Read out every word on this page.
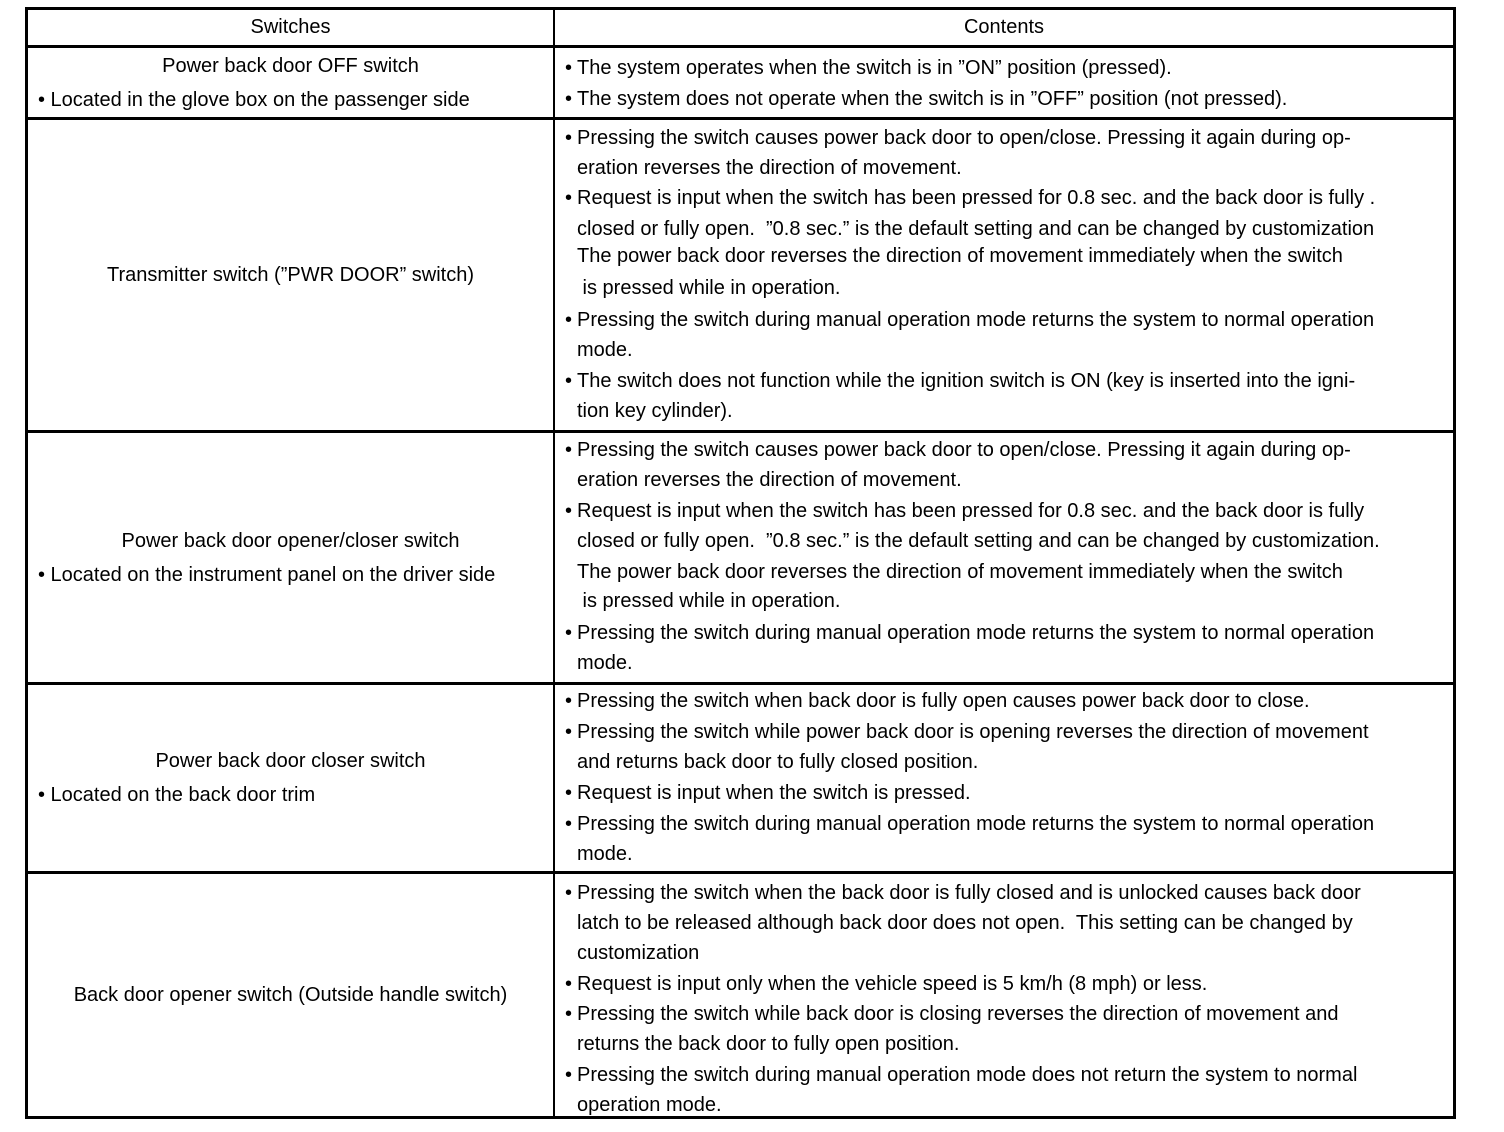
Switches	Contents
Power back door OFF switch
• Located in the glove box on the passenger side
• The system operates when the switch is in ”ON” position (pressed).
• The system does not operate when the switch is in ”OFF” position (not pressed).
Transmitter switch (”PWR DOOR” switch)
• Pressing the switch causes power back door to open/close. Pressing it again during op-
eration reverses the direction of movement.
• Request is input when the switch has been pressed for 0.8 sec. and the back door is fully .
closed or fully open.  ”0.8 sec.” is the default setting and can be changed by customization
The power back door reverses the direction of movement immediately when the switch
is pressed while in operation.
• Pressing the switch during manual operation mode returns the system to normal operation
mode.
• The switch does not function while the ignition switch is ON (key is inserted into the igni-
tion key cylinder).
Power back door opener/closer switch
• Located on the instrument panel on the driver side
• Pressing the switch causes power back door to open/close. Pressing it again during op-
eration reverses the direction of movement.
• Request is input when the switch has been pressed for 0.8 sec. and the back door is fully
closed or fully open.  ”0.8 sec.” is the default setting and can be changed by customization.
The power back door reverses the direction of movement immediately when the switch
is pressed while in operation.
• Pressing the switch during manual operation mode returns the system to normal operation
mode.
Power back door closer switch
• Located on the back door trim
• Pressing the switch when back door is fully open causes power back door to close.
• Pressing the switch while power back door is opening reverses the direction of movement
and returns back door to fully closed position.
• Request is input when the switch is pressed.
• Pressing the switch during manual operation mode returns the system to normal operation
mode.
Back door opener switch (Outside handle switch)
• Pressing the switch when the back door is fully closed and is unlocked causes back door
latch to be released although back door does not open.  This setting can be changed by
customization
• Request is input only when the vehicle speed is 5 km/h (8 mph) or less.
• Pressing the switch while back door is closing reverses the direction of movement and
returns the back door to fully open position.
• Pressing the switch during manual operation mode does not return the system to normal
operation mode.
